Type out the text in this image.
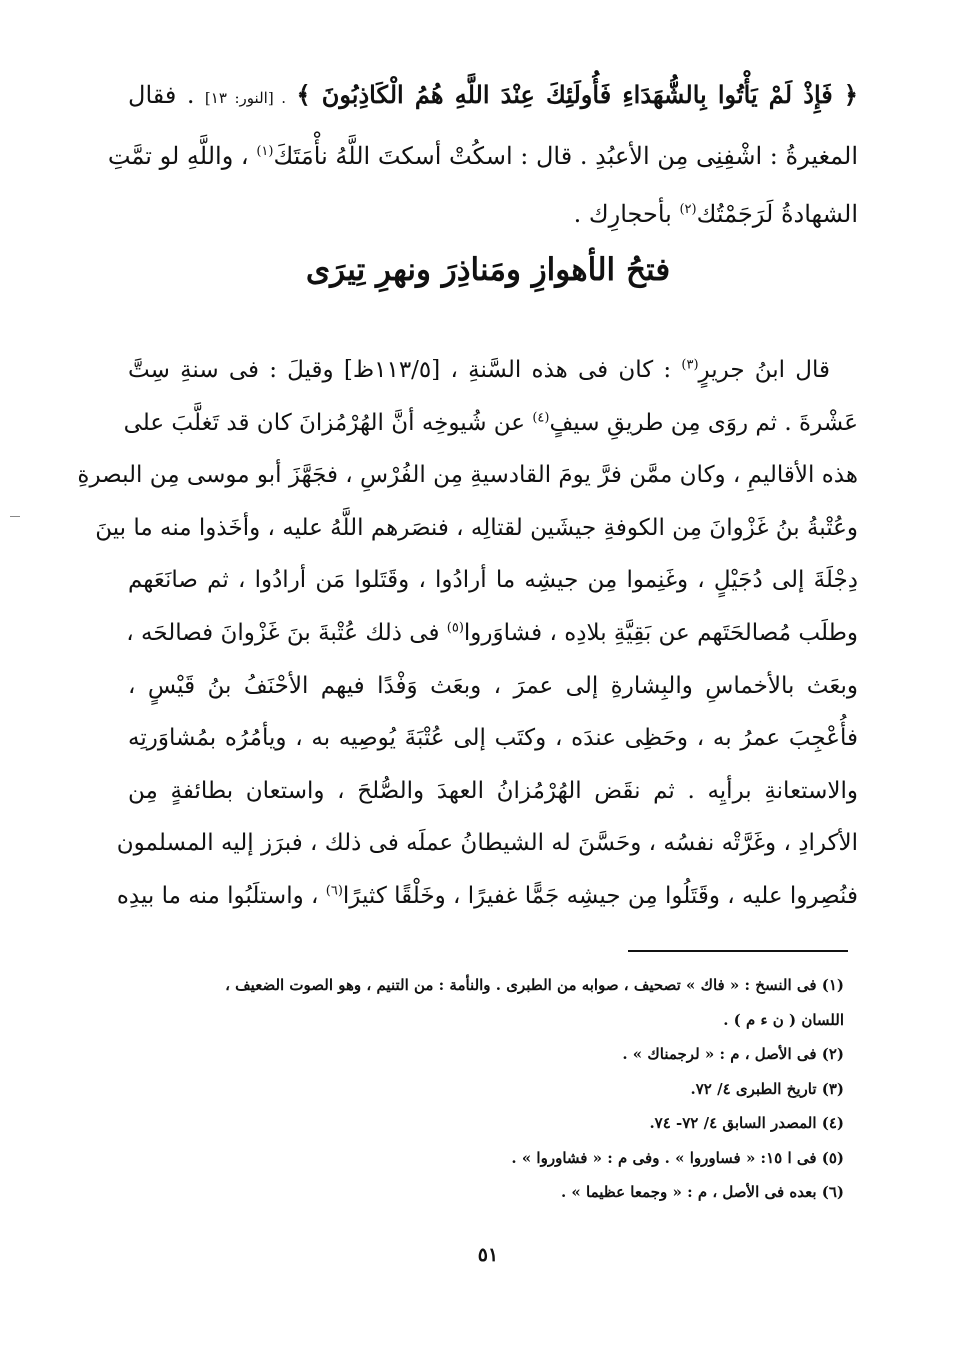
﴿ فَإِذْ لَمْ يَأْتُوا بِالشُّهَدَاءِ فَأُولَئِكَ عِنْدَ اللَّهِ هُمُ الْكَاذِبُونَ ﴾ . [النور: ١٣] . فقال
المغيرةُ : اشْفِنِى مِن الأعبُدِ . قال : اسكُتْ أسكتَ اللَّهُ نأْمَتَكَ$^{(١)}$ ، واللَّهِ لو تمَّتِ
الشهادةُ لَرَجَمْتُك$^{(٢)}$ بأحجارِك .
فتحُ الأهوازِ ومَناذِرَ ونهرِ تِيرَى
قال ابنُ جريرٍ$^{(٣)}$ : كان فى هذه السَّنةِ ، [١١٣/٥ظ] وقيلَ : فى سنةِ سِتَّ
عَشْرةَ . ثم روَى مِن طريقِ سيفٍ$^{(٤)}$ عن شُيوخِه أنَّ الهُرْمُزانَ كان قد تَغلَّبَ على
هذه الأقاليمِ ، وكان ممَّن فرَّ يومَ القادسيةِ مِن الفُرْسِ ، فجَهَّزَ أبو موسى مِن البصرةِ
وعُتْبةُ بنُ غَزْوانَ مِن الكوفةِ جيشَين لقتالِه ، فنصَرهم اللَّهُ عليه ، وأخَذوا منه ما بينَ
دِجْلَةَ إلى دُجَيْلٍ ، وغَنِموا مِن جيشِه ما أرادُوا ، وقَتَلوا مَن أرادُوا ، ثم صانَعَهم
وطلَب مُصالحَتَهم عن بَقِيَّةِ بلادِه ، فشاوَروا$^{(٥)}$ فى ذلك عُتْبةَ بنَ غَزْوانَ فصالحَه ،
وبعَث بالأخماسِ والبِشارةِ إلى عمرَ ، وبعَث وَفْدًا فيهم الأحْنَفُ بنُ قَيْسٍ ،
فأُعْجِبَ عمرُ به ، وحَظِى عندَه ، وكتَب إلى عُتْبَةَ يُوصِيه به ، ويأمُرُه بمُشاوَرتِه
والاستعانةِ برأيِه . ثم نقَض الهُرْمُزانُ العهدَ والصُّلحَ ، واستعان بطائفةٍ مِن
الأكرادِ ، وغَرَّتْه نفسُه ، وحَسَّنَ له الشيطانُ عملَه فى ذلك ، فبرَز إليه المسلمون
فنُصِروا عليه ، وقَتَلُوا مِن جيشِه جَمًّا غفيرًا ، وخَلْقًا كثيرًا$^{(٦)}$ ، واستلَبُوا منه ما بيدِه
(١) فى النسخ : « فاك » تصحيف ، صوابه من الطبرى . والنأمة : من التنيم ، وهو الصوت الضعيف ،
اللسان ( ن ء م ) .
(٢) فى الأصل ، م : « لرجمناك » .
(٣) تاريخ الطبرى ٤/ ٧٢.
(٤) المصدر السابق ٤/ ٧٢- ٧٤.
(٥) فى ا ١٥: « فساوروا » . وفى م : « فشاوروا » .
(٦) بعده فى الأصل ، م : « وجمعا عظيما » .
٥١
